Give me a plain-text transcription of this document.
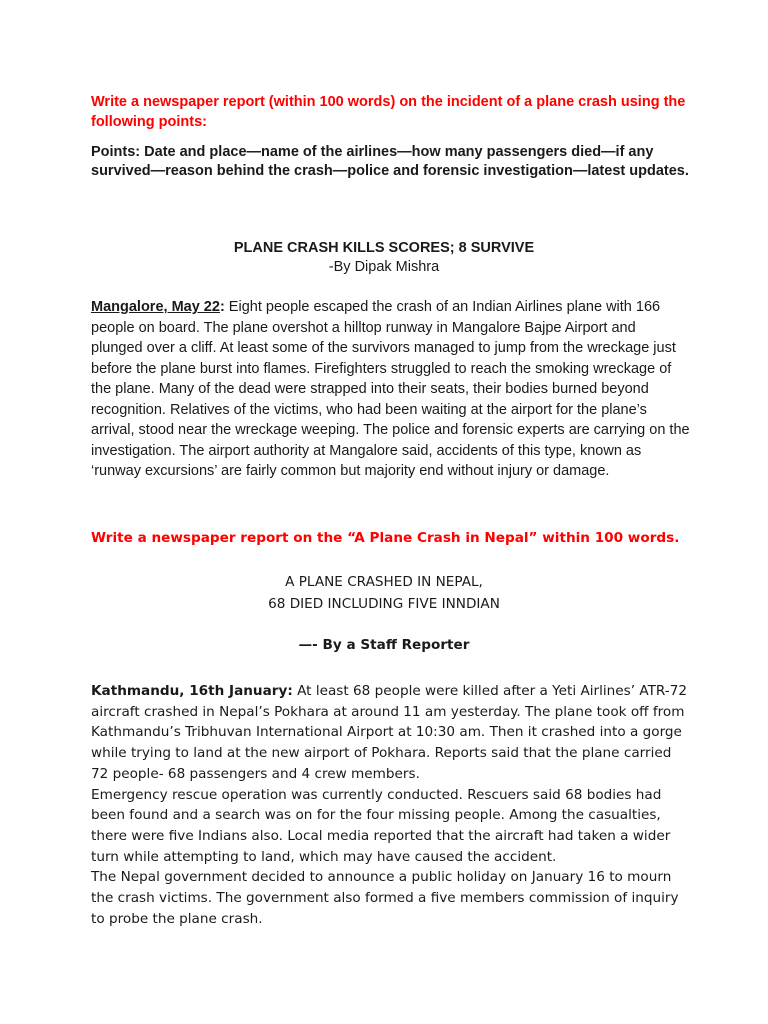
Write a newspaper report (within 100 words) on the incident of a plane crash using the following points:

Points: Date and place—name of the airlines—how many passengers died—if any survived—reason behind the crash—police and forensic investigation—latest updates.

PLANE CRASH KILLS SCORES; 8 SURVIVE

-By Dipak Mishra

Mangalore, May 22: Eight people escaped the crash of an Indian Airlines plane with 166 people on board. The plane overshot a hilltop runway in Mangalore Bajpe Airport and plunged over a cliff. At least some of the survivors managed to jump from the wreckage just before the plane burst into flames. Firefighters struggled to reach the smoking wreckage of the plane. Many of the dead were strapped into their seats, their bodies burned beyond recognition. Relatives of the victims, who had been waiting at the airport for the plane’s arrival, stood near the wreckage weeping. The police and forensic experts are carrying on the investigation. The airport authority at Mangalore said, accidents of this type, known as ‘runway excursions’ are fairly common but majority end without injury or damage.

Write a newspaper report on the “A Plane Crash in Nepal” within 100 words.

A PLANE CRASHED IN NEPAL,

68 DIED INCLUDING FIVE INNDIAN

—- By a Staff Reporter

Kathmandu, 16th January: At least 68 people were killed after a Yeti Airlines’ ATR-72 aircraft crashed in Nepal’s Pokhara at around 11 am yesterday. The plane took off from Kathmandu’s Tribhuvan International Airport at 10:30 am. Then it crashed into a gorge while trying to land at the new airport of Pokhara. Reports said that the plane carried 72 people- 68 passengers and 4 crew members.

Emergency rescue operation was currently conducted. Rescuers said 68 bodies had been found and a search was on for the four missing people. Among the casualties, there were five Indians also. Local media reported that the aircraft had taken a wider turn while attempting to land, which may have caused the accident.

The Nepal government decided to announce a public holiday on January 16 to mourn the crash victims. The government also formed a five members commission of inquiry to probe the plane crash.
